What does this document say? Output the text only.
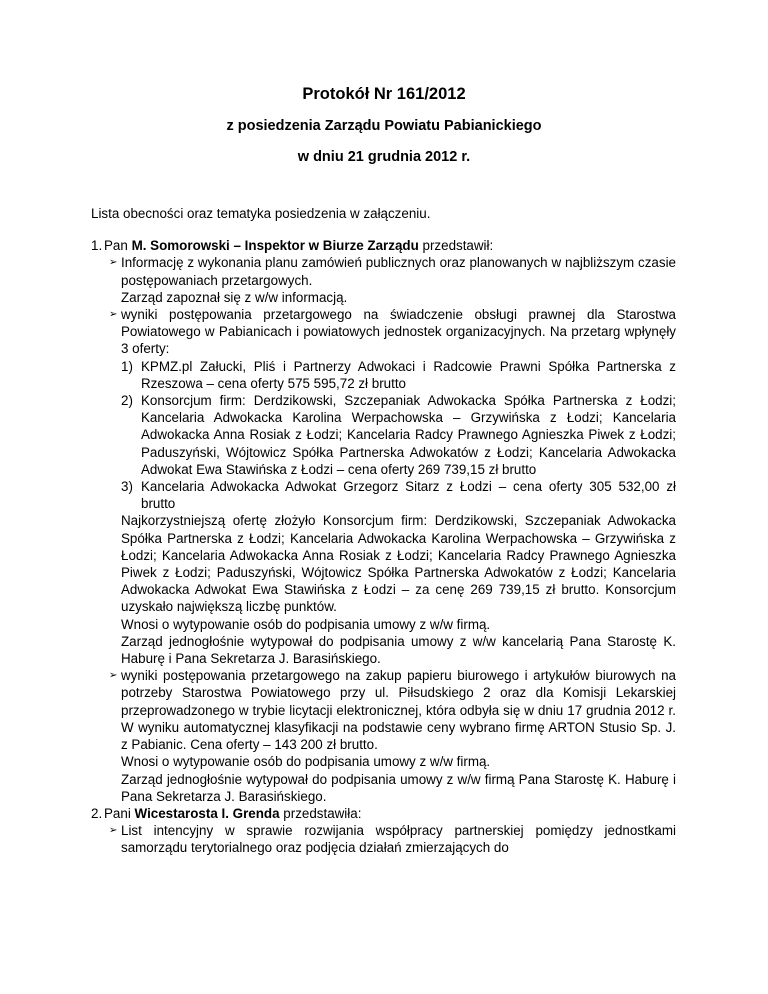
Protokół Nr 161/2012
z posiedzenia Zarządu Powiatu Pabianickiego
w dniu 21 grudnia 2012 r.

Lista obecności oraz tematyka posiedzenia w załączeniu.

1. Pan M. Somorowski – Inspektor w Biurze Zarządu przedstawił:

➢ Informację z wykonania planu zamówień publicznych oraz planowanych w najbliższym czasie postępowaniach przetargowych.

Zarząd zapoznał się z w/w informacją.

➢ wyniki postępowania przetargowego na świadczenie obsługi prawnej dla Starostwa Powiatowego w Pabianicach i powiatowych jednostek organizacyjnych. Na przetarg wpłynęły 3 oferty:

1) KPMZ.pl Załucki, Pliś i Partnerzy Adwokaci i Radcowie Prawni Spółka Partnerska z Rzeszowa – cena oferty 575 595,72 zł brutto

2) Konsorcjum firm: Derdzikowski, Szczepaniak Adwokacka Spółka Partnerska z Łodzi; Kancelaria Adwokacka Karolina Werpachowska – Grzywińska z Łodzi; Kancelaria Adwokacka Anna Rosiak z Łodzi; Kancelaria Radcy Prawnego Agnieszka Piwek z Łodzi; Paduszyński, Wójtowicz Spółka Partnerska Adwokatów z Łodzi; Kancelaria Adwokacka Adwokat Ewa Stawińska z Łodzi – cena oferty 269 739,15 zł brutto

3) Kancelaria Adwokacka Adwokat Grzegorz Sitarz z Łodzi – cena oferty 305 532,00 zł brutto

Najkorzystniejszą ofertę złożyło Konsorcjum firm: Derdzikowski, Szczepaniak Adwokacka Spółka Partnerska z Łodzi; Kancelaria Adwokacka Karolina Werpachowska – Grzywińska z Łodzi; Kancelaria Adwokacka Anna Rosiak z Łodzi; Kancelaria Radcy Prawnego Agnieszka Piwek z Łodzi; Paduszyński, Wójtowicz Spółka Partnerska Adwokatów z Łodzi; Kancelaria Adwokacka Adwokat Ewa Stawińska z Łodzi – za cenę 269 739,15 zł brutto. Konsorcjum uzyskało największą liczbę punktów.

Wnosi o wytypowanie osób do podpisania umowy z w/w firmą.

Zarząd jednogłośnie wytypował do podpisania umowy z w/w kancelarią Pana Starostę K. Haburę i Pana Sekretarza J. Barasińskiego.

➢ wyniki postępowania przetargowego na zakup papieru biurowego i artykułów biurowych na potrzeby Starostwa Powiatowego przy ul. Piłsudskiego 2 oraz dla Komisji Lekarskiej przeprowadzonego w trybie licytacji elektronicznej, która odbyła się w dniu 17 grudnia 2012 r. W wyniku automatycznej klasyfikacji na podstawie ceny wybrano firmę ARTON Stusio Sp. J. z Pabianic. Cena oferty – 143 200 zł brutto.

Wnosi o wytypowanie osób do podpisania umowy z w/w firmą.

Zarząd jednogłośnie wytypował do podpisania umowy z w/w firmą Pana Starostę K. Haburę i Pana Sekretarza J. Barasińskiego.

2. Pani Wicestarosta I. Grenda przedstawiła:

➢ List intencyjny w sprawie rozwijania współpracy partnerskiej pomiędzy jednostkami samorządu terytorialnego oraz podjęcia działań zmierzających do
